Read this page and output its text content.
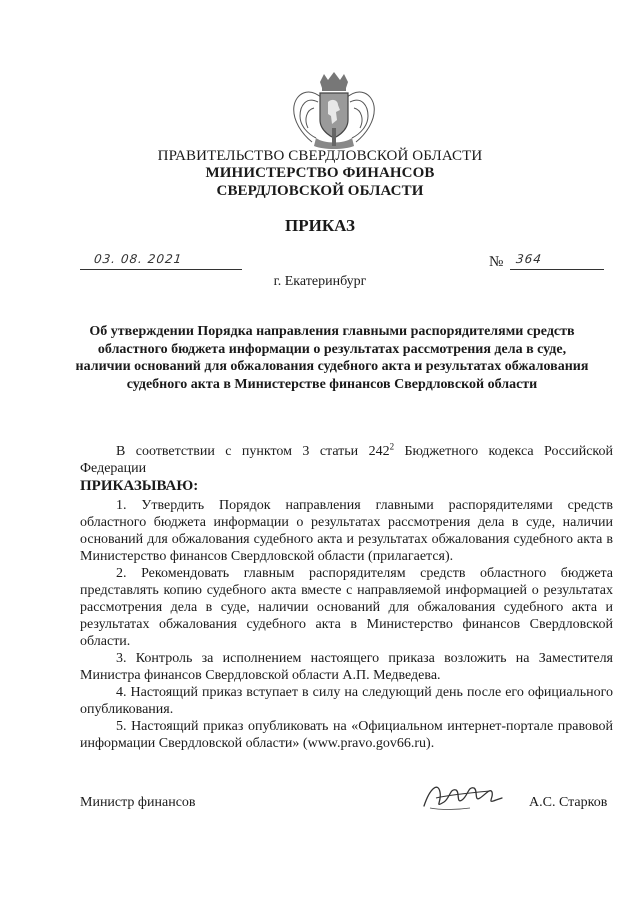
ПРАВИТЕЛЬСТВО СВЕРДЛОВСКОЙ ОБЛАСТИ
МИНИСТЕРСТВО ФИНАНСОВ
СВЕРДЛОВСКОЙ ОБЛАСТИ
ПРИКАЗ
03. 08. 2021	№ 364
г. Екатеринбург
Об утверждении Порядка направления главными распорядителями средств областного бюджета информации о результатах рассмотрения дела в суде, наличии оснований для обжалования судебного акта и результатах обжалования судебного акта в Министерстве финансов Свердловской области

В соответствии с пунктом 3 статьи $242^2$ Бюджетного кодекса Российской

Федерации

ПРИКАЗЫВАЮ:

1. Утвердить Порядок направления главными распорядителями средств областного бюджета информации о результатах рассмотрения дела в суде, наличии оснований для обжалования судебного акта и результатах обжалования судебного акта в Министерство финансов Свердловской области (прилагается).

2. Рекомендовать главным распорядителям средств областного бюджета представлять копию судебного акта вместе с направляемой информацией о результатах рассмотрения дела в суде, наличии оснований для обжалования судебного акта и результатах обжалования судебного акта в Министерство финансов Свердловской области.

3. Контроль за исполнением настоящего приказа возложить на Заместителя Министра финансов Свердловской области А.П. Медведева.

4. Настоящий приказ вступает в силу на следующий день после его официального опубликования.

5. Настоящий приказ опубликовать на «Официальном интернет-портале правовой информации Свердловской области» (www.pravo.gov66.ru).

Министр финансов	А.С. Старков
